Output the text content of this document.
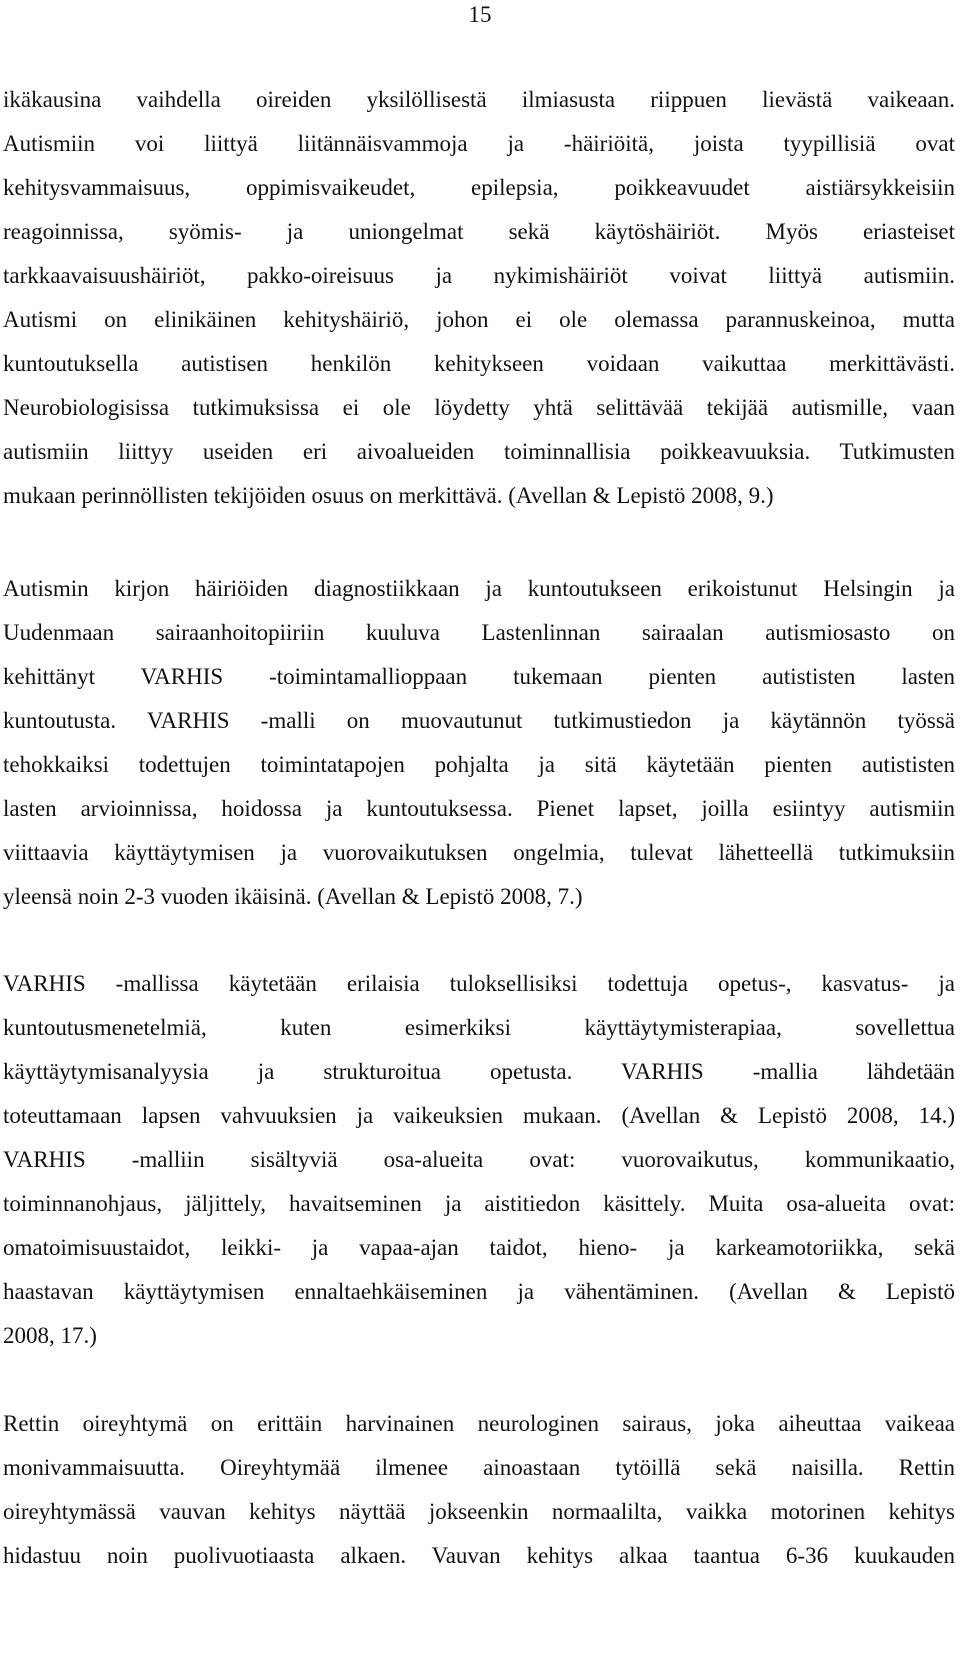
15
ikäkausina vaihdella oireiden yksilöllisestä ilmiasusta riippuen lievästä vaikeaan.
Autismiin voi liittyä liitännäisvammoja ja -häiriöitä, joista tyypillisiä ovat
kehitysvammaisuus, oppimisvaikeudet, epilepsia, poikkeavuudet aistiärsykkeisiin
reagoinnissa, syömis- ja uniongelmat sekä käytöshäiriöt. Myös eriasteiset
tarkkaavaisuushäiriöt, pakko-oireisuus ja nykimishäiriöt voivat liittyä autismiin.
Autismi on elinikäinen kehityshäiriö, johon ei ole olemassa parannuskeinoa, mutta
kuntoutuksella autistisen henkilön kehitykseen voidaan vaikuttaa merkittävästi.
Neurobiologisissa tutkimuksissa ei ole löydetty yhtä selittävää tekijää autismille, vaan
autismiin liittyy useiden eri aivoalueiden toiminnallisia poikkeavuuksia. Tutkimusten
mukaan perinnöllisten tekijöiden osuus on merkittävä. (Avellan & Lepistö 2008, 9.)
Autismin kirjon häiriöiden diagnostiikkaan ja kuntoutukseen erikoistunut Helsingin ja
Uudenmaan sairaanhoitopiiriin kuuluva Lastenlinnan sairaalan autismiosasto on
kehittänyt VARHIS -toimintamallioppaan tukemaan pienten autististen lasten
kuntoutusta. VARHIS -malli on muovautunut tutkimustiedon ja käytännön työssä
tehokkaiksi todettujen toimintatapojen pohjalta ja sitä käytetään pienten autististen
lasten arvioinnissa, hoidossa ja kuntoutuksessa. Pienet lapset, joilla esiintyy autismiin
viittaavia käyttäytymisen ja vuorovaikutuksen ongelmia, tulevat lähetteellä tutkimuksiin
yleensä noin 2-3 vuoden ikäisinä. (Avellan & Lepistö 2008, 7.)
VARHIS -mallissa käytetään erilaisia tuloksellisiksi todettuja opetus-, kasvatus- ja
kuntoutusmenetelmiä, kuten esimerkiksi käyttäytymisterapiaa, sovellettua
käyttäytymisanalyysia ja strukturoitua opetusta. VARHIS -mallia lähdetään
toteuttamaan lapsen vahvuuksien ja vaikeuksien mukaan. (Avellan & Lepistö 2008, 14.)
VARHIS -malliin sisältyviä osa-alueita ovat: vuorovaikutus, kommunikaatio,
toiminnanohjaus, jäljittely, havaitseminen ja aistitiedon käsittely. Muita osa-alueita ovat:
omatoimisuustaidot, leikki- ja vapaa-ajan taidot, hieno- ja karkeamotoriikka, sekä
haastavan käyttäytymisen ennaltaehkäiseminen ja vähentäminen. (Avellan & Lepistö
2008, 17.)
Rettin oireyhtymä on erittäin harvinainen neurologinen sairaus, joka aiheuttaa vaikeaa
monivammaisuutta. Oireyhtymää ilmenee ainoastaan tytöillä sekä naisilla. Rettin
oireyhtymässä vauvan kehitys näyttää jokseenkin normaalilta, vaikka motorinen kehitys
hidastuu noin puolivuotiaasta alkaen. Vauvan kehitys alkaa taantua 6-36 kuukauden
